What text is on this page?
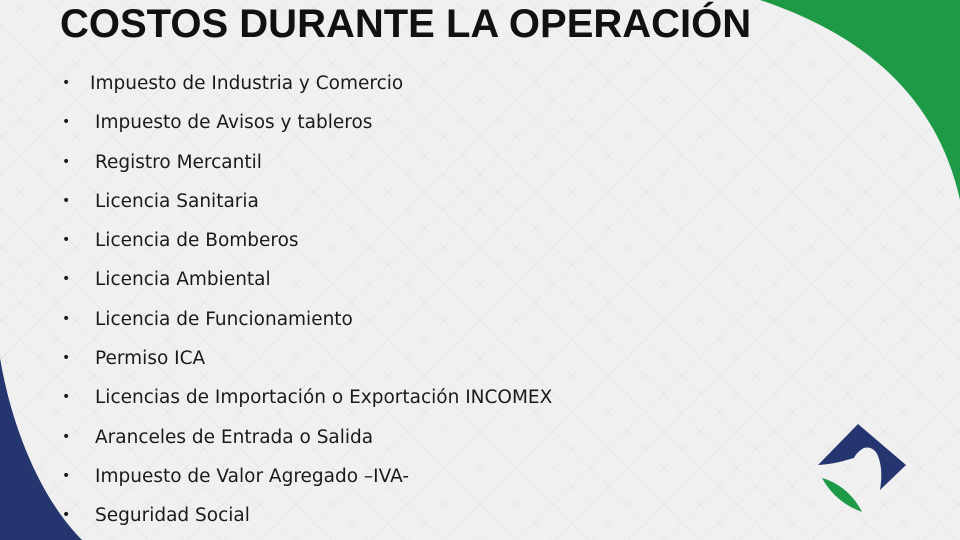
COSTOS DURANTE LA OPERACIÓN
•	Impuesto de Industria y Comercio
•	Impuesto de Avisos y tableros
•	Registro Mercantil
•	Licencia Sanitaria
•	Licencia de Bomberos
•	Licencia Ambiental
•	Licencia de Funcionamiento
•	Permiso ICA
•	Licencias de Importación o Exportación INCOMEX
•	Aranceles de Entrada o Salida
•	Impuesto de Valor Agregado –IVA-
•	Seguridad Social
